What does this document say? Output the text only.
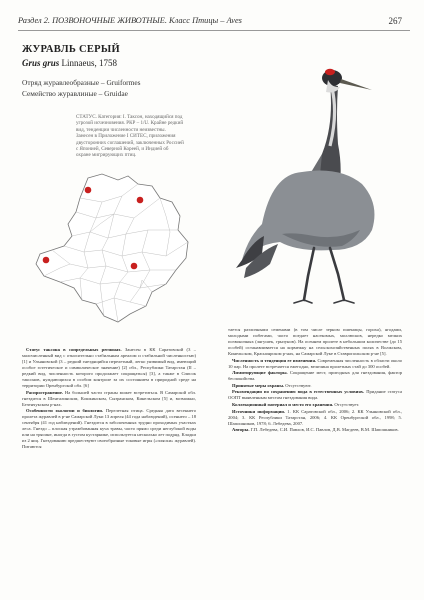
Раздел 2. ПОЗВОНОЧНЫЕ ЖИВОТНЫЕ. Класс Птицы – Aves	267
ЖУРАВЛЬ СЕРЫЙ
Grus grus Linnaeus, 1758
Отряд журавлеобразные – Gruiformes
Семейство журавлиные – Gruidae
СТАТУС. Категория: I. Таксон, находящийся под угрозой исчезновения. РКР – 1/U. Крайне редкий вид, тенденции численности неизвестны. Занесен в Приложение I СИТЕС, приложения двусторонних соглашений, заключенных Россией с Японией, Северной Кореей, и Индией об охране мигрирующих птиц.

Статус таксона в сопредельных регионах. Занесен в КК Саратовской (3 – малочисленный вид с относительно стабильным ареалом и стабильной численностью) [1] и Ульяновской (3 – редкий гнездящийся перелетный, легко уязвимый вид, имеющий особое эстетическое и символическое значение) [2] обл., Республики Татарстан (II – редкий вид, численность которого продолжает сокращаться) [3], а также в Список таксонов, нуждающихся в особом контроле за их состоянием в природной среде на территории Оренбургской обл. [6]

Распространение. На большей части страны может встретиться. В Самарской обл. гнездится в Шенталинском, Кошкинском, Сызранском, Кинельском [5] и, возможно, Безенчукском р-нах.

Особенности экологии и биологии. Перелетная птица. Средняя дата весеннего пролета журавлей в р-не Самарской Луки 13 апреля (44 года наблюдений), осеннего – 18 сентября (41 год наблюдений). Гнездится в заболоченных трудно проходимых участках леса. Гнездо – плоская утрамбованная куча травы, часто прямо среди неглубокой воды или на трясине, иногда в густом кустарнике, используется несколько лет подряд. Кладки из 2 яиц. Гнездованию предшествуют своеобразные токовые игры («пляски» журавлей). Питаются

тается различными семенами (в том числе зерном пшеницы, гороха), ягодами, молодыми побегами, часто поедает насекомых, моллюсков, нередко мелких позвоночных (лягушек, грызунов). На осеннем пролете в небольшом количестве (до 15 особей) останавливается на кормежку на сельскохозяйственных полях в Волжском, Кинельском, Красноярском р-нах, на Самарской Луке в Ставропольском р-не [5].

Численность и тенденция ее изменения. Современная численность в области около 10 пар. На пролете встречается ежегодно, величина пролетных стай до 300 особей.

Лимитирующие факторы. Сокращение мест, пригодных для гнездования, фактор беспокойства.

Принятые меры охраны. Отсутствуют.

Рекомендации по сохранению вида в естественных условиях. Придание статуса ООПТ выявленным местам гнездования вида.

Коллекционный материал и место его хранения. Отсутствует.

Источники информации. 1. КК Саратовской обл., 2006; 2. КК Ульяновской обл., 2004; 3. КК Республики Татарстан, 2006; 4. КК Оренбургской обл., 1998; 5. Шапошников, 1978; 6. Лебедева, 2007.

Авторы. Г.П. Лебедева, С.И. Павлов, И.С. Павлов, Д.В. Магдеев, В.М. Шапошников.
